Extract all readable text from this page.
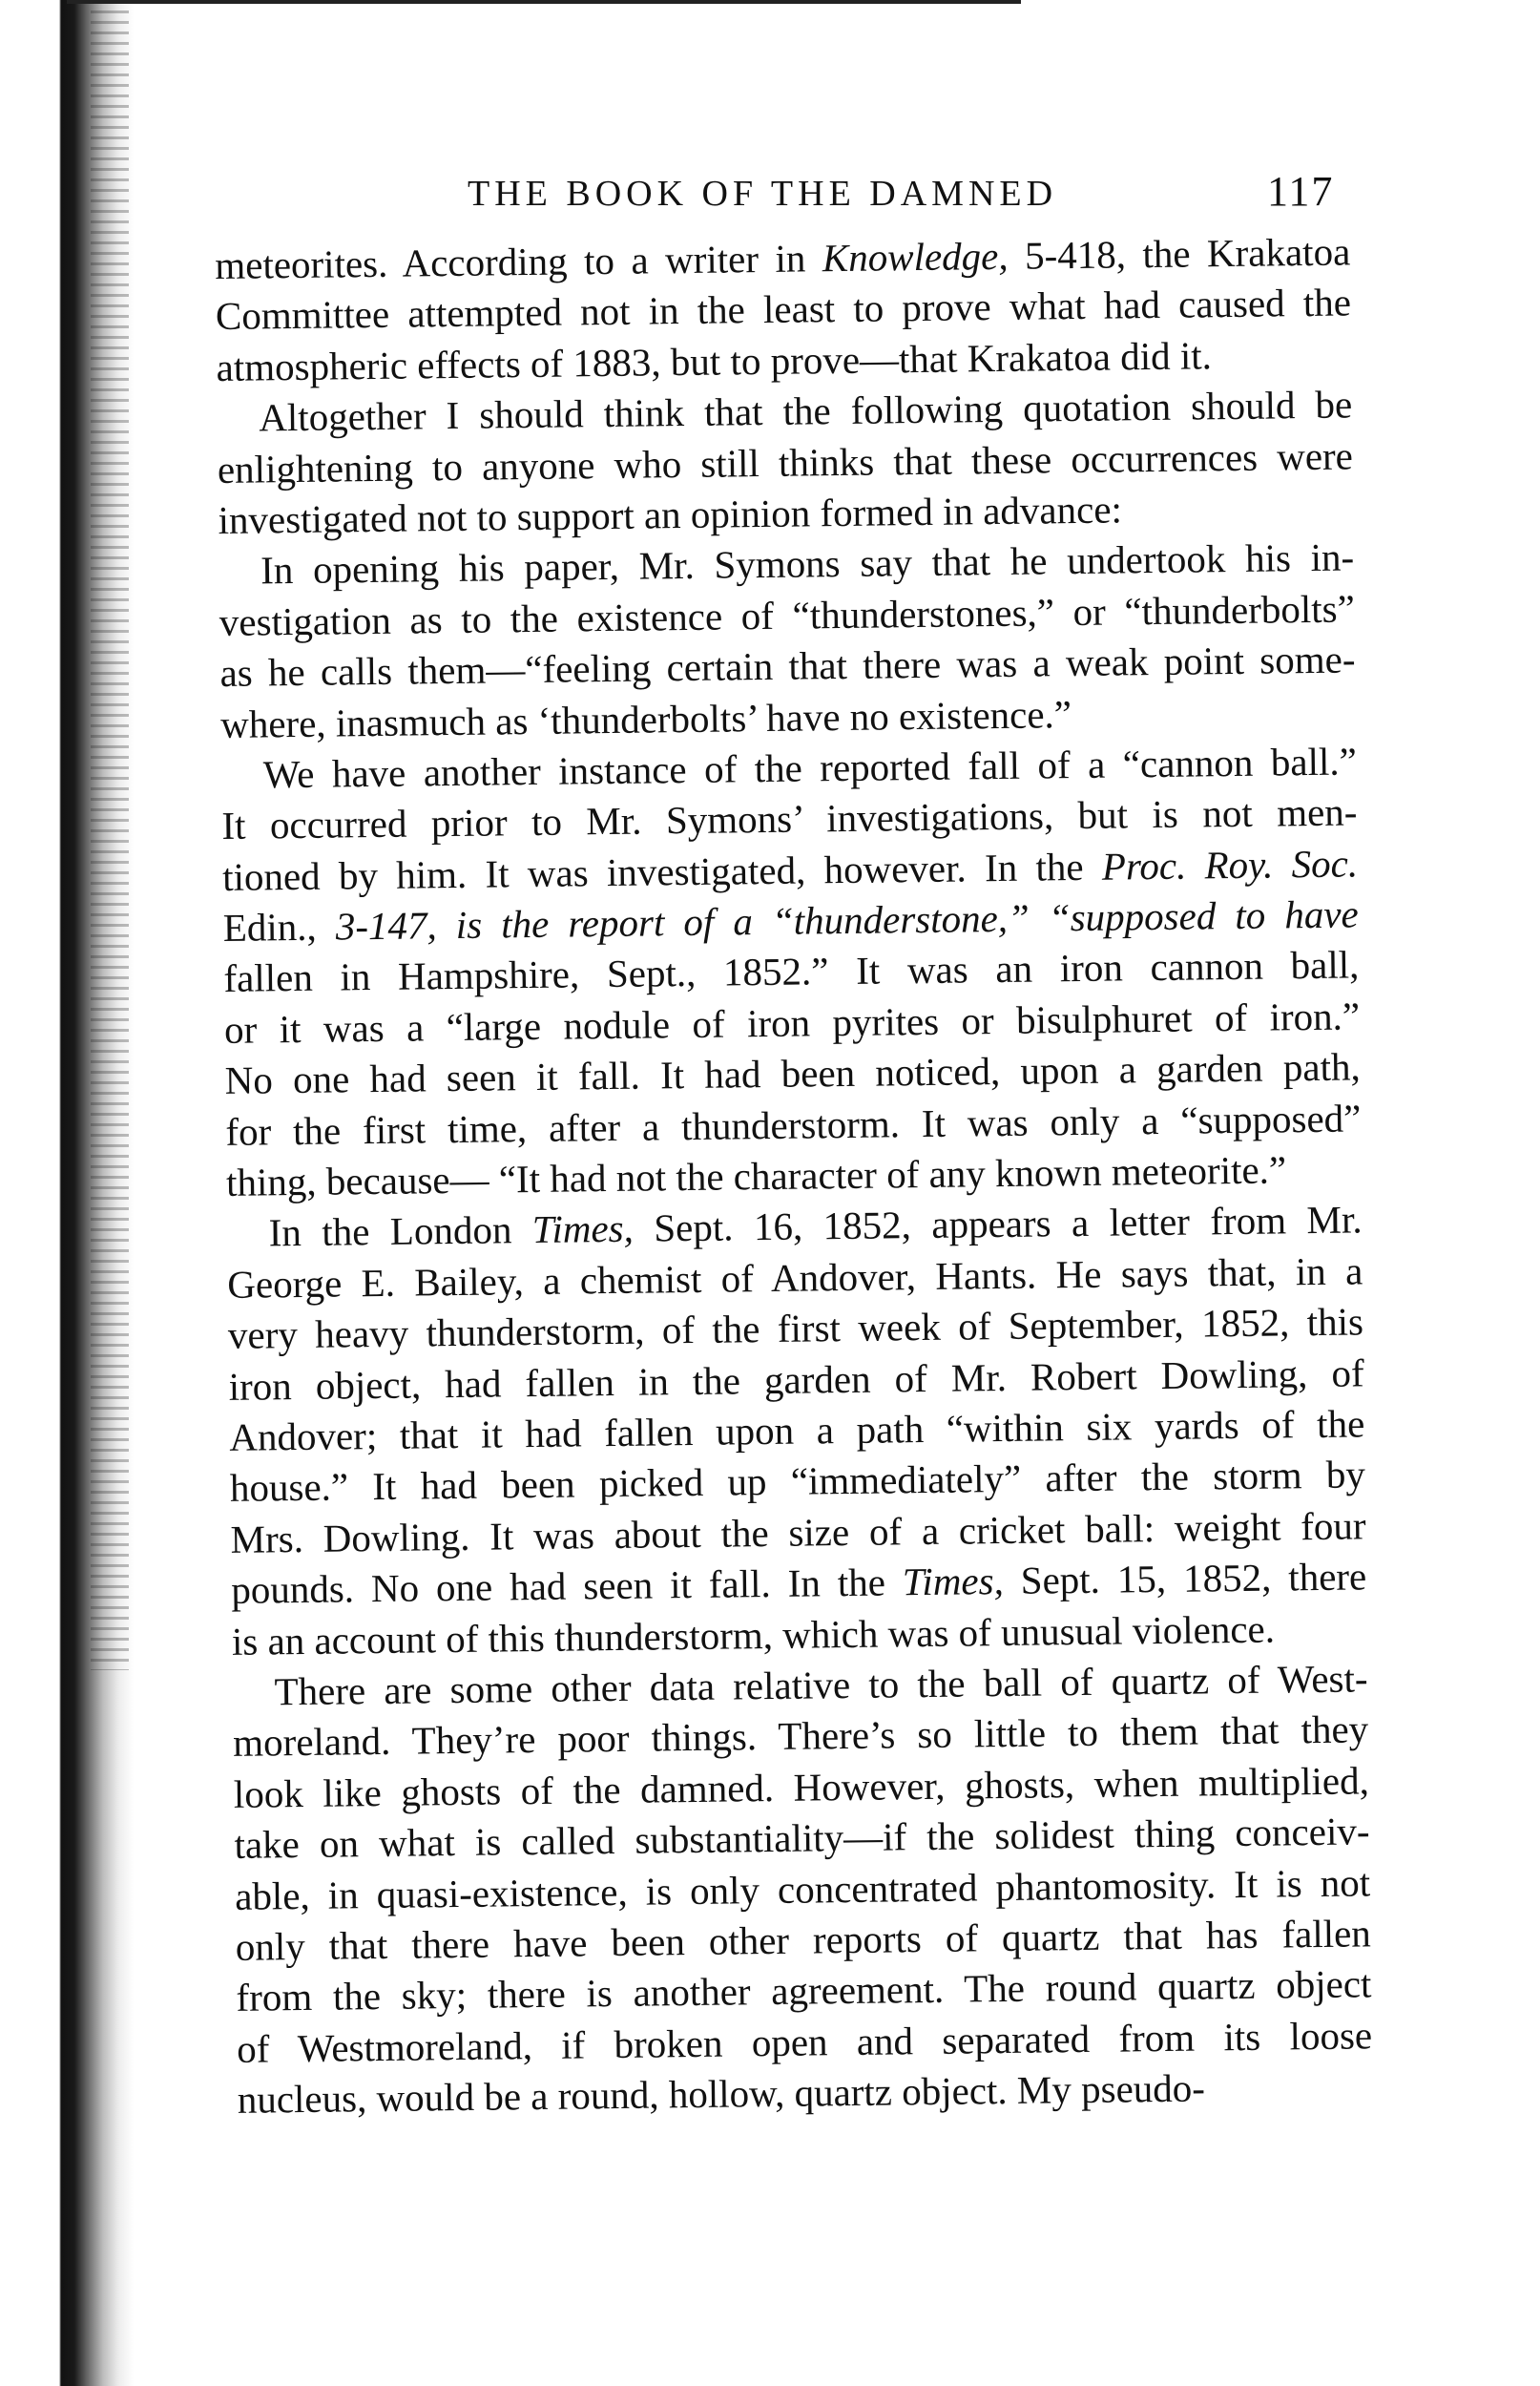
THE BOOK OF THE DAMNED	117
meteorites. According to a writer in Knowledge, 5-418, the Krakatoa
Committee attempted not in the least to prove what had caused the
atmospheric effects of 1883, but to prove—that Krakatoa did it.
Altogether I should think that the following quotation should be
enlightening to anyone who still thinks that these occurrences were
investigated not to support an opinion formed in advance:
In opening his paper, Mr. Symons say that he undertook his in-
vestigation as to the existence of “thunderstones,” or “thunderbolts”
as he calls them—“feeling certain that there was a weak point some-
where, inasmuch as ‘thunderbolts’ have no existence.”
We have another instance of the reported fall of a “cannon ball.”
It occurred prior to Mr. Symons’ investigations, but is not men-
tioned by him. It was investigated, however. In the Proc. Roy. Soc.
Edin., 3-147, is the report of a “thunderstone,” “supposed to have
fallen in Hampshire, Sept., 1852.” It was an iron cannon ball,
or it was a “large nodule of iron pyrites or bisulphuret of iron.”
No one had seen it fall. It had been noticed, upon a garden path,
for the first time, after a thunderstorm. It was only a “supposed”
thing, because— “It had not the character of any known meteorite.”
In the London Times, Sept. 16, 1852, appears a letter from Mr.
George E. Bailey, a chemist of Andover, Hants. He says that, in a
very heavy thunderstorm, of the first week of September, 1852, this
iron object, had fallen in the garden of Mr. Robert Dowling, of
Andover; that it had fallen upon a path “within six yards of the
house.” It had been picked up “immediately” after the storm by
Mrs. Dowling. It was about the size of a cricket ball: weight four
pounds. No one had seen it fall. In the Times, Sept. 15, 1852, there
is an account of this thunderstorm, which was of unusual violence.
There are some other data relative to the ball of quartz of West-
moreland. They’re poor things. There’s so little to them that they
look like ghosts of the damned. However, ghosts, when multiplied,
take on what is called substantiality—if the solidest thing conceiv-
able, in quasi-existence, is only concentrated phantomosity. It is not
only that there have been other reports of quartz that has fallen
from the sky; there is another agreement. The round quartz object
of Westmoreland, if broken open and separated from its loose
nucleus, would be a round, hollow, quartz object. My pseudo-
